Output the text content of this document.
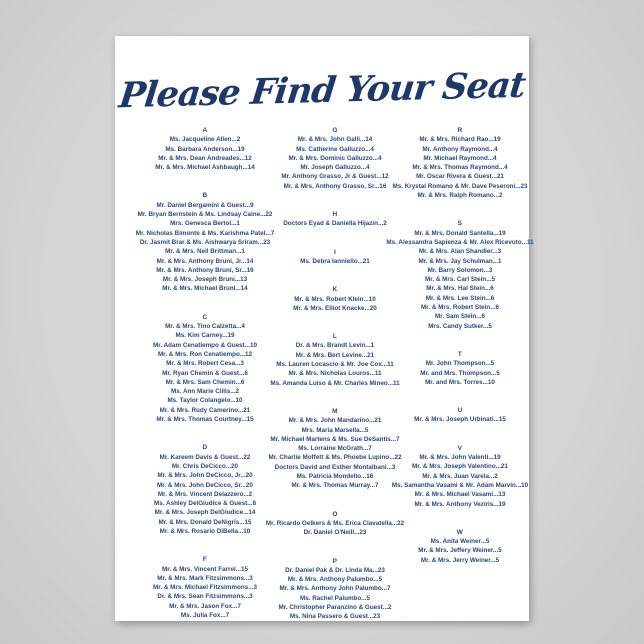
Please Find Your Seat
A
Ms. Jacqueline Allen...2
Ms. Barbara Anderson...19
Mr. & Mrs. Dean Andreades...12
Mr. & Mrs. Michael Ashbaugh...14
B
Mr. Daniel Bergamini & Guest...9
Mr. Bryan Bernstein & Ms. Lindsay Caine...22
Mrs. Genesca Bertol...1
Mr. Nicholas Bimonte & Ms. Karishma Patel...7
Dr. Jasmit Brar & Ms. Aishwarya Sriram...23
Mr. & Mrs. Neil Brittman...1
Mr. & Mrs. Anthony Bruni, Jr...14
Mr. & Mrs. Anthony Bruni, Sr...16
Mr. & Mrs. Joseph Bruni...13
Mr. & Mrs. Michael Bruni...14
C
Mr. & Mrs. Tino Calzetta...4
Ms. Kim Carney...19
Mr. Adam Cenatiempo & Guest...10
Mr. & Mrs. Ron Cenatiempo...12
Mr. & Mrs. Robert Cesa...3
Mr. Ryan Chemin & Guest...6
Mr. & Mrs. Sam Chemin...6
Ms. Ann Marie Cillis...2
Ms. Taylor Colangelo...10
Mr. & Mrs. Rudy Camerino...21
Mr. & Mrs. Thomas Courtney...15
D
Mr. Kareem Davis & Guest...22
Mr. Chris DeCicco...20
Mr. & Mrs. John DeCicco, Jr...20
Mr. & Mrs. John DeCicco, Sr...20
Mr. & Mrs. Vincent Delazzero...2
Ms. Ashley DelGiudice & Guest...8
Mr. & Mrs. Joseph DelGiudice...14
Mr. & Mrs. Donald DeNigris...15
Mr. & Mrs. Rosario DiBella...10
F
Mr. & Mrs. Vincent Farrel...15
Mr. & Mrs. Mark Fitzsimmons...3
Mr. & Mrs. Michael Fitzsimmons...3
Dr. & Mrs. Sean Fitzsimmons...3
Mr. & Mrs. Jason Fox...7
Ms. Julia Fox...7
G
Mr. & Mrs. John Galli...14
Ms. Catherine Galluzzo...4
Mr. & Mrs. Dominic Galluzzo...4
Mr. Joseph Galluzzo...4
Mr. Anthony Grasso, Jr & Guest...12
Mr. & Mrs. Anthony Grasso, Sr...16
H
Doctors Eyad & Daniella Hijazin...2
I
Ms. Debra Ianniello...21
K
Mr. & Mrs. Robert Klein...10
Mr. & Mrs. Elliot Knacke...20
L
Dr. & Mrs. Brandt Levin...1
Mr. & Mrs. Bert Levine...21
Ms. Lauren Locascio & Mr. Joe Cox...11
Mr. & Mrs. Nicholas Louros...11
Ms. Amanda Luiso & Mr. Charles Mineo...11
M
Mr. & Mrs. John Mandarino...21
Mrs. Maria Marsella...5
Mr. Michael Martens & Ms. Sue DeSantis...7
Ms. Lorraine McGrath...7
Mr. Charlie Moffett & Ms. Phoebe Lupino...22
Doctors David and Esther Montalbani...3
Ms. Patricia Mondello...16
Mr. & Mrs. Thomas Murray...7
O
Mr. Ricardo Oelkers & Ms. Erica Ciavatella...22
Dr. Daniel O'Neill...23
P
Dr. Daniel Pak & Dr. Linda Ma...23
Mr. & Mrs. Anthony Palumbo...5
Mr. & Mrs. Anthony John Palumbo...7
Ms. Rachel Palumbo...5
Mr. Christopher Paranzino & Guest...2
Ms. Nina Passero & Guest...23
R
Mr. & Mrs. Richard Rao...19
Mr. Anthony Raymond...4
Mr. Michael Raymond...4
Mr. & Mrs. Thomas Raymond...4
Mr. Oscar Rivera & Guest...21
Ms. Krystal Romano & Mr. Dave Peseroni...23
Mr. & Mrs. Ralph Romano...2
S
Mr. & Mrs. Donald Santella...19
Ms. Alessandra Sapienza & Mr. Alex Ricevuto...11
Mr. & Mrs. Alan Shandler...3
Mr. & Mrs. Jay Schulman...1
Mr. Barry Solomon...3
Mr. & Mrs. Carl Stein...5
Mr. & Mrs. Hal Stein...6
Mr. & Mrs. Lee Stein...6
Mr. & Mrs. Robert Stein...6
Mr. Sam Stein...6
Mrs. Candy Sutker...5
T
Mr. John Thompson...5
Mr. and Mrs. Thompson...5
Mr. and Mrs. Torres...10
U
Mr. & Mrs. Joseph Urbinati...15
V
Mr. & Mrs. John Valenti...19
Mr. & Mrs. Joseph Valentino...21
Mr. & Mrs. Juan Varela...2
Ms. Samantha Vasami & Mr. Adam Marvin...10
Mr. & Mrs. Michael Vasami...13
Mr. & Mrs. Anthony Veziris...19
W
Ms. Anita Weiner...5
Mr. & Mrs. Jeffery Weiner...5
Mr. & Mrs. Jerry Weiner...5
